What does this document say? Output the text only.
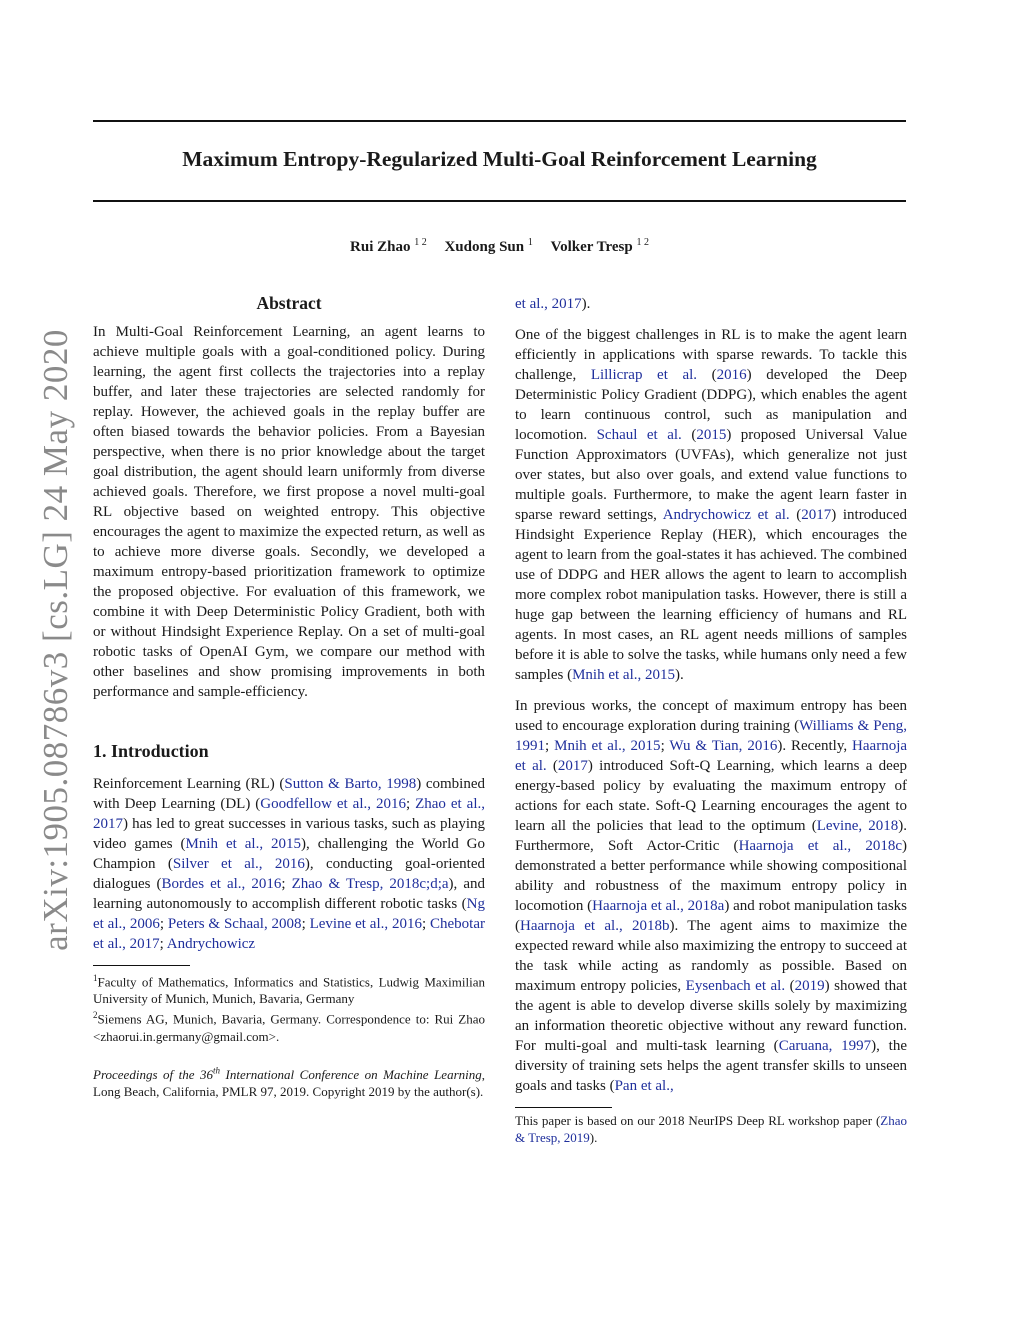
Maximum Entropy-Regularized Multi-Goal Reinforcement Learning
Rui Zhao $^{1 2}$ Xudong Sun $^1$ Volker Tresp $^{1 2}$
arXiv:1905.08786v3 [cs.LG] 24 May 2020
Abstract

In Multi-Goal Reinforcement Learning, an agent learns to achieve multiple goals with a goal-conditioned policy. During learning, the agent first collects the trajectories into a replay buffer, and later these trajectories are selected randomly for replay. However, the achieved goals in the replay buffer are often biased towards the behavior policies. From a Bayesian perspective, when there is no prior knowledge about the target goal distribution, the agent should learn uniformly from diverse achieved goals. Therefore, we first propose a novel multi-goal RL objective based on weighted entropy. This objective encourages the agent to maximize the expected return, as well as to achieve more diverse goals. Secondly, we developed a maximum entropy-based prioritization framework to optimize the proposed objective. For evaluation of this framework, we combine it with Deep Deterministic Policy Gradient, both with or without Hindsight Experience Replay. On a set of multi-goal robotic tasks of OpenAI Gym, we compare our method with other baselines and show promising improvements in both performance and sample-efficiency.

1. Introduction

Reinforcement Learning (RL) (Sutton & Barto, 1998) combined with Deep Learning (DL) (Goodfellow et al., 2016; Zhao et al., 2017) has led to great successes in various tasks, such as playing video games (Mnih et al., 2015), challenging the World Go Champion (Silver et al., 2016), conducting goal-oriented dialogues (Bordes et al., 2016; Zhao & Tresp, 2018c;d;a), and learning autonomously to accomplish different robotic tasks (Ng et al., 2006; Peters & Schaal, 2008; Levine et al., 2016; Chebotar et al., 2017; Andrychowicz

$^1$Faculty of Mathematics, Informatics and Statistics, Ludwig Maximilian University of Munich, Munich, Bavaria, Germany

$^2$Siemens AG, Munich, Bavaria, Germany. Correspondence to: Rui Zhao <zhaorui.in.germany@gmail.com>.

Proceedings of the 36th International Conference on Machine Learning, Long Beach, California, PMLR 97, 2019. Copyright 2019 by the author(s).

et al., 2017).

One of the biggest challenges in RL is to make the agent learn efficiently in applications with sparse rewards. To tackle this challenge, Lillicrap et al. (2016) developed the Deep Deterministic Policy Gradient (DDPG), which enables the agent to learn continuous control, such as manipulation and locomotion. Schaul et al. (2015) proposed Universal Value Function Approximators (UVFAs), which generalize not just over states, but also over goals, and extend value functions to multiple goals. Furthermore, to make the agent learn faster in sparse reward settings, Andrychowicz et al. (2017) introduced Hindsight Experience Replay (HER), which encourages the agent to learn from the goal-states it has achieved. The combined use of DDPG and HER allows the agent to learn to accomplish more complex robot manipulation tasks. However, there is still a huge gap between the learning efficiency of humans and RL agents. In most cases, an RL agent needs millions of samples before it is able to solve the tasks, while humans only need a few samples (Mnih et al., 2015).

In previous works, the concept of maximum entropy has been used to encourage exploration during training (Williams & Peng, 1991; Mnih et al., 2015; Wu & Tian, 2016). Recently, Haarnoja et al. (2017) introduced Soft-Q Learning, which learns a deep energy-based policy by evaluating the maximum entropy of actions for each state. Soft-Q Learning encourages the agent to learn all the policies that lead to the optimum (Levine, 2018). Furthermore, Soft Actor-Critic (Haarnoja et al., 2018c) demonstrated a better performance while showing compositional ability and robustness of the maximum entropy policy in locomotion (Haarnoja et al., 2018a) and robot manipulation tasks (Haarnoja et al., 2018b). The agent aims to maximize the expected reward while also maximizing the entropy to succeed at the task while acting as randomly as possible. Based on maximum entropy policies, Eysenbach et al. (2019) showed that the agent is able to develop diverse skills solely by maximizing an information theoretic objective without any reward function. For multi-goal and multi-task learning (Caruana, 1997), the diversity of training sets helps the agent transfer skills to unseen goals and tasks (Pan et al.,

This paper is based on our 2018 NeurIPS Deep RL workshop paper (Zhao & Tresp, 2019).
